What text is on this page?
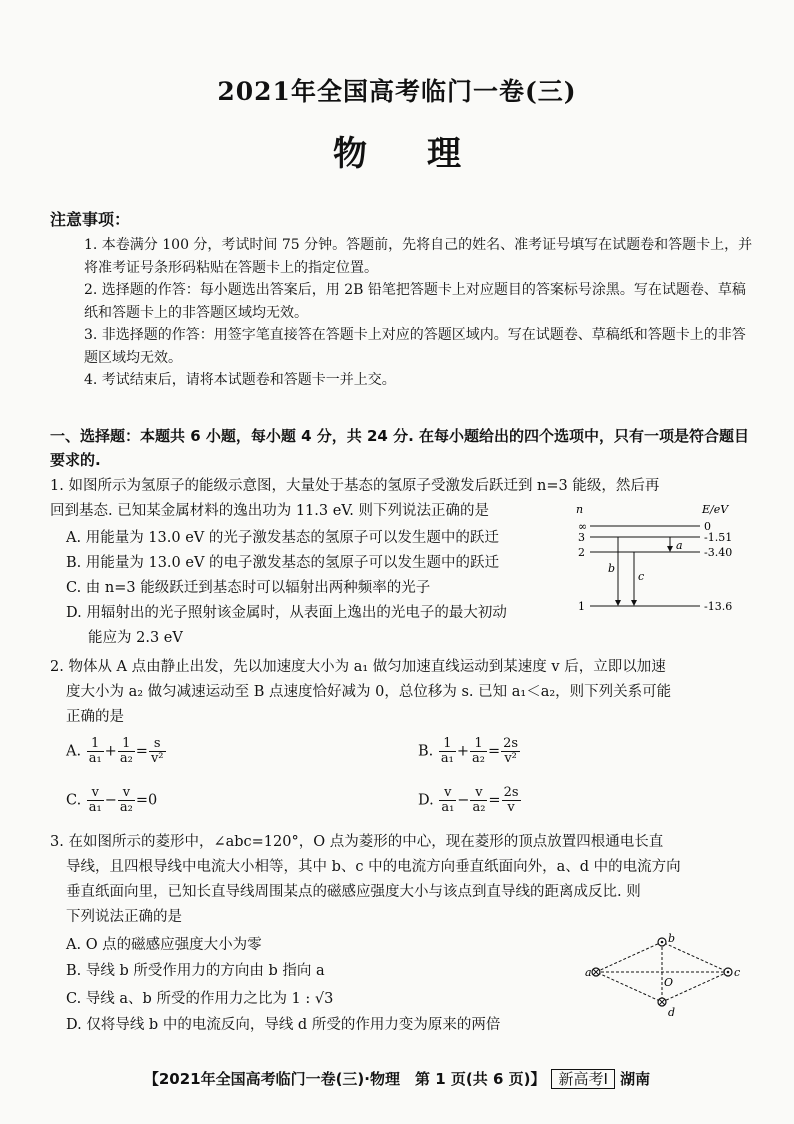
2021年全国高考临门一卷(三)
物理
注意事项：
1. 本卷满分 100 分，考试时间 75 分钟。答题前，先将自己的姓名、准考证号填写在试题卷和答题卡上，并将准考证号条形码粘贴在答题卡上的指定位置。
2. 选择题的作答：每小题选出答案后，用 2B 铅笔把答题卡上对应题目的答案标号涂黑。写在试题卷、草稿纸和答题卡上的非答题区域均无效。
3. 非选择题的作答：用签字笔直接答在答题卡上对应的答题区域内。写在试题卷、草稿纸和答题卡上的非答题区域均无效。
4. 考试结束后，请将本试题卷和答题卡一并上交。
一、选择题：本题共 6 小题，每小题 4 分，共 24 分. 在每小题给出的四个选项中，只有一项是符合题目要求的.
1. 如图所示为氢原子的能级示意图，大量处于基态的氢原子受激发后跃迁到 n=3 能级，然后再
回到基态. 已知某金属材料的逸出功为 11.3 eV. 则下列说法正确的是
A. 用能量为 13.0 eV 的光子激发基态的氢原子可以发生题中的跃迁
B. 用能量为 13.0 eV 的电子激发基态的氢原子可以发生题中的跃迁
C. 由 n=3 能级跃迁到基态时可以辐射出两种频率的光子
D. 用辐射出的光子照射该金属时，从表面上逸出的光电子的最大初动
能应为 2.3 eV
n	E/eV
∞
3
2
1
0
-1.51
-3.40
-13.6
a
b
c
2. 物体从 A 点由静止出发，先以加速度大小为 a₁ 做匀加速直线运动到某速度 v 后，立即以加速
度大小为 a₂ 做匀减速运动至 B 点速度恰好减为 0，总位移为 s. 已知 a₁＜a₂，则下列关系可能
正确的是
A. $\frac{1}{\text{a₁}} + \frac{1}{\text{a₂}} = \frac{s}{\text{v²}}$	B. $\frac{1}{\text{a₁}} + \frac{1}{\text{a₂}} = \frac{2s}{\text{v²}}$
C. $\frac{v}{\text{a₁}} - \frac{v}{\text{a₂}} =0$	D. $\frac{v}{\text{a₁}} - \frac{v}{\text{a₂}} = \frac{2s}{v}$
3. 在如图所示的菱形中，∠abc=120°，O 点为菱形的中心，现在菱形的顶点放置四根通电长直
导线，且四根导线中电流大小相等，其中 b、c 中的电流方向垂直纸面向外，a、d 中的电流方向
垂直纸面向里，已知长直导线周围某点的磁感应强度大小与该点到直导线的距离成反比. 则
下列说法正确的是
A. O 点的磁感应强度大小为零
B. 导线 b 所受作用力的方向由 b 指向 a
C. 导线 a、b 所受的作用力之比为 1 : √3
D. 仅将导线 b 中的电流反向，导线 d 所受的作用力变为原来的两倍
a
b
c
d
O
【2021年全国高考临门一卷(三)·物理　第 1 页(共 6 页)】 新高考Ⅰ 湖南
